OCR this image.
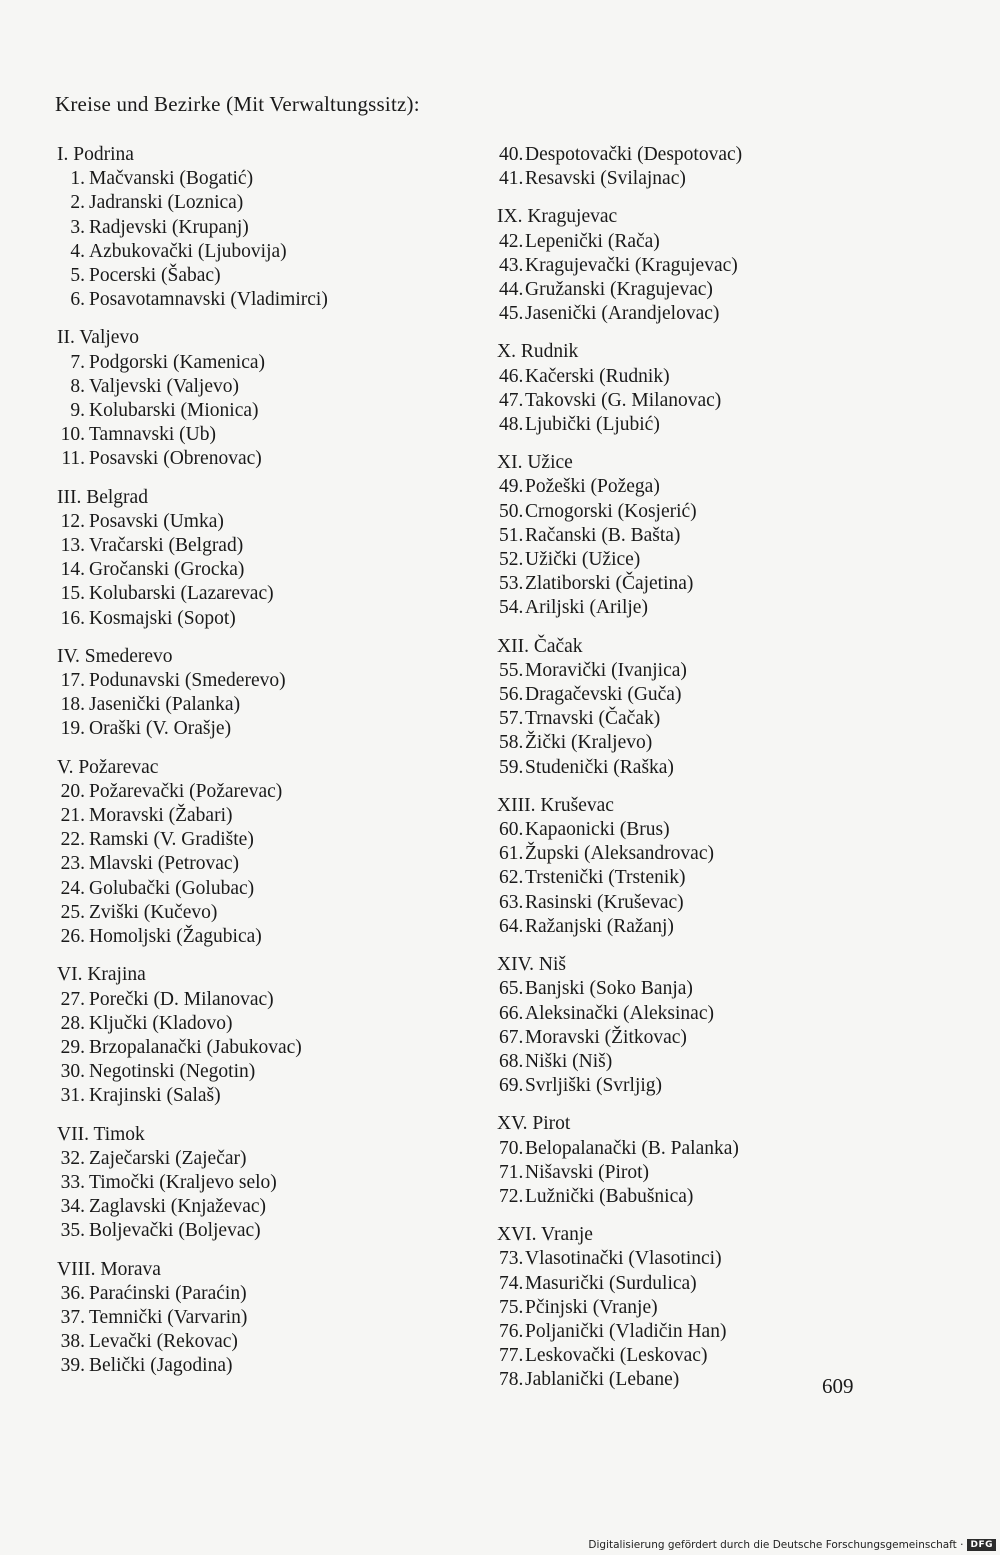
Kreise und Bezirke (Mit Verwaltungssitz):
I. Podrina
1. Mačvanski (Bogatić)
2. Jadranski (Loznica)
3. Radjevski (Krupanj)
4. Azbukovački (Ljubovija)
5. Pocerski (Šabac)
6. Posavotamnavski (Vladimirci)
II. Valjevo
7. Podgorski (Kamenica)
8. Valjevski (Valjevo)
9. Kolubarski (Mionica)
10. Tamnavski (Ub)
11. Posavski (Obrenovac)
III. Belgrad
12. Posavski (Umka)
13. Vračarski (Belgrad)
14. Gročanski (Grocka)
15. Kolubarski (Lazarevac)
16. Kosmajski (Sopot)
IV. Smederevo
17. Podunavski (Smederevo)
18. Jasenički (Palanka)
19. Oraški (V. Orašje)
V. Požarevac
20. Požarevački (Požarevac)
21. Moravski (Žabari)
22. Ramski (V. Gradište)
23. Mlavski (Petrovac)
24. Golubački (Golubac)
25. Zviški (Kučevo)
26. Homoljski (Žagubica)
VI. Krajina
27. Porečki (D. Milanovac)
28. Ključki (Kladovo)
29. Brzopalanački (Jabukovac)
30. Negotinski (Negotin)
31. Krajinski (Salaš)
VII. Timok
32. Zaječarski (Zaječar)
33. Timočki (Kraljevo selo)
34. Zaglavski (Knjaževac)
35. Boljevački (Boljevac)
VIII. Morava
36. Paraćinski (Paraćin)
37. Temnički (Varvarin)
38. Levački (Rekovac)
39. Belički (Jagodina)
40.Despotovački (Despotovac)
41.Resavski (Svilajnac)
IX. Kragujevac
42.Lepenički (Rača)
43.Kragujevački (Kragujevac)
44.Gružanski (Kragujevac)
45.Jasenički (Arandjelovac)
X. Rudnik
46.Kačerski (Rudnik)
47.Takovski (G. Milanovac)
48.Ljubički (Ljubić)
XI. Užice
49.Požeški (Požega)
50.Crnogorski (Kosjerić)
51.Račanski (B. Bašta)
52.Užički (Užice)
53.Zlatiborski (Čajetina)
54.Ariljski (Arilje)
XII. Čačak
55.Moravički (Ivanjica)
56.Dragačevski (Guča)
57.Trnavski (Čačak)
58.Žički (Kraljevo)
59.Studenički (Raška)
XIII. Kruševac
60.Kapaonicki (Brus)
61.Župski (Aleksandrovac)
62.Trstenički (Trstenik)
63.Rasinski (Kruševac)
64.Ražanjski (Ražanj)
XIV. Niš
65.Banjski (Soko Banja)
66.Aleksinački (Aleksinac)
67.Moravski (Žitkovac)
68.Niški (Niš)
69.Svrljiški (Svrljig)
XV. Pirot
70.Belopalanački (B. Palanka)
71.Nišavski (Pirot)
72.Lužnički (Babušnica)
XVI. Vranje
73.Vlasotinački (Vlasotinci)
74.Masurički (Surdulica)
75.Pčinjski (Vranje)
76.Poljanički (Vladičin Han)
77.Leskovački (Leskovac)
78.Jablanički (Lebane)	609

Digitalisierung gefördert durch die Deutsche Forschungsgemeinschaft · DFG
